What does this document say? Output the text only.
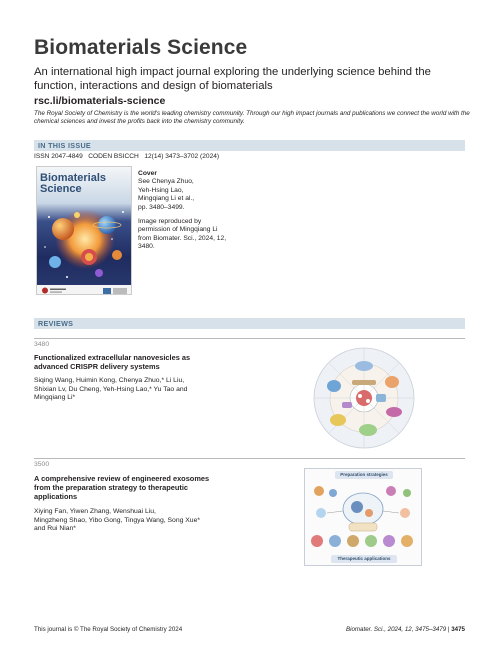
Biomaterials Science
An international high impact journal exploring the underlying science behind the function, interactions and design of biomaterials
rsc.li/biomaterials-science
The Royal Society of Chemistry is the world's leading chemistry community. Through our high impact journals and publications we connect the world with the chemical sciences and invest the profits back into the chemistry community.
IN THIS ISSUE
ISSN 2047-4849 CODEN BSICCH 12(14) 3473–3702 (2024)
Biomaterials
Science

Cover

See Chenya Zhuo,

Yeh-Hsing Lao,

Mingqiang Li et al.,

pp. 3480–3499.

Image reproduced by

permission of Mingqiang Li

from Biomater. Sci., 2024, 12,

3480.

REVIEWS
3480
Functionalized extracellular nanovesicles as
advanced CRISPR delivery systems

Siqing Wang, Huimin Kong, Chenya Zhuo,* Li Liu,

Shixian Lv, Du Cheng, Yeh-Hsing Lao,* Yu Tao and

Mingqiang Li*

3500
A comprehensive review of engineered exosomes
from the preparation strategy to therapeutic
applications

Xiying Fan, Yiwen Zhang, Wenshuai Liu,

Mingzheng Shao, Yibo Gong, Tingya Wang, Song Xue*

and Rui Nian*

Preparation strategies
Therapeutic applications
This journal is © The Royal Society of Chemistry 2024	Biomater. Sci., 2024, 12, 3475–3479 | 3475
